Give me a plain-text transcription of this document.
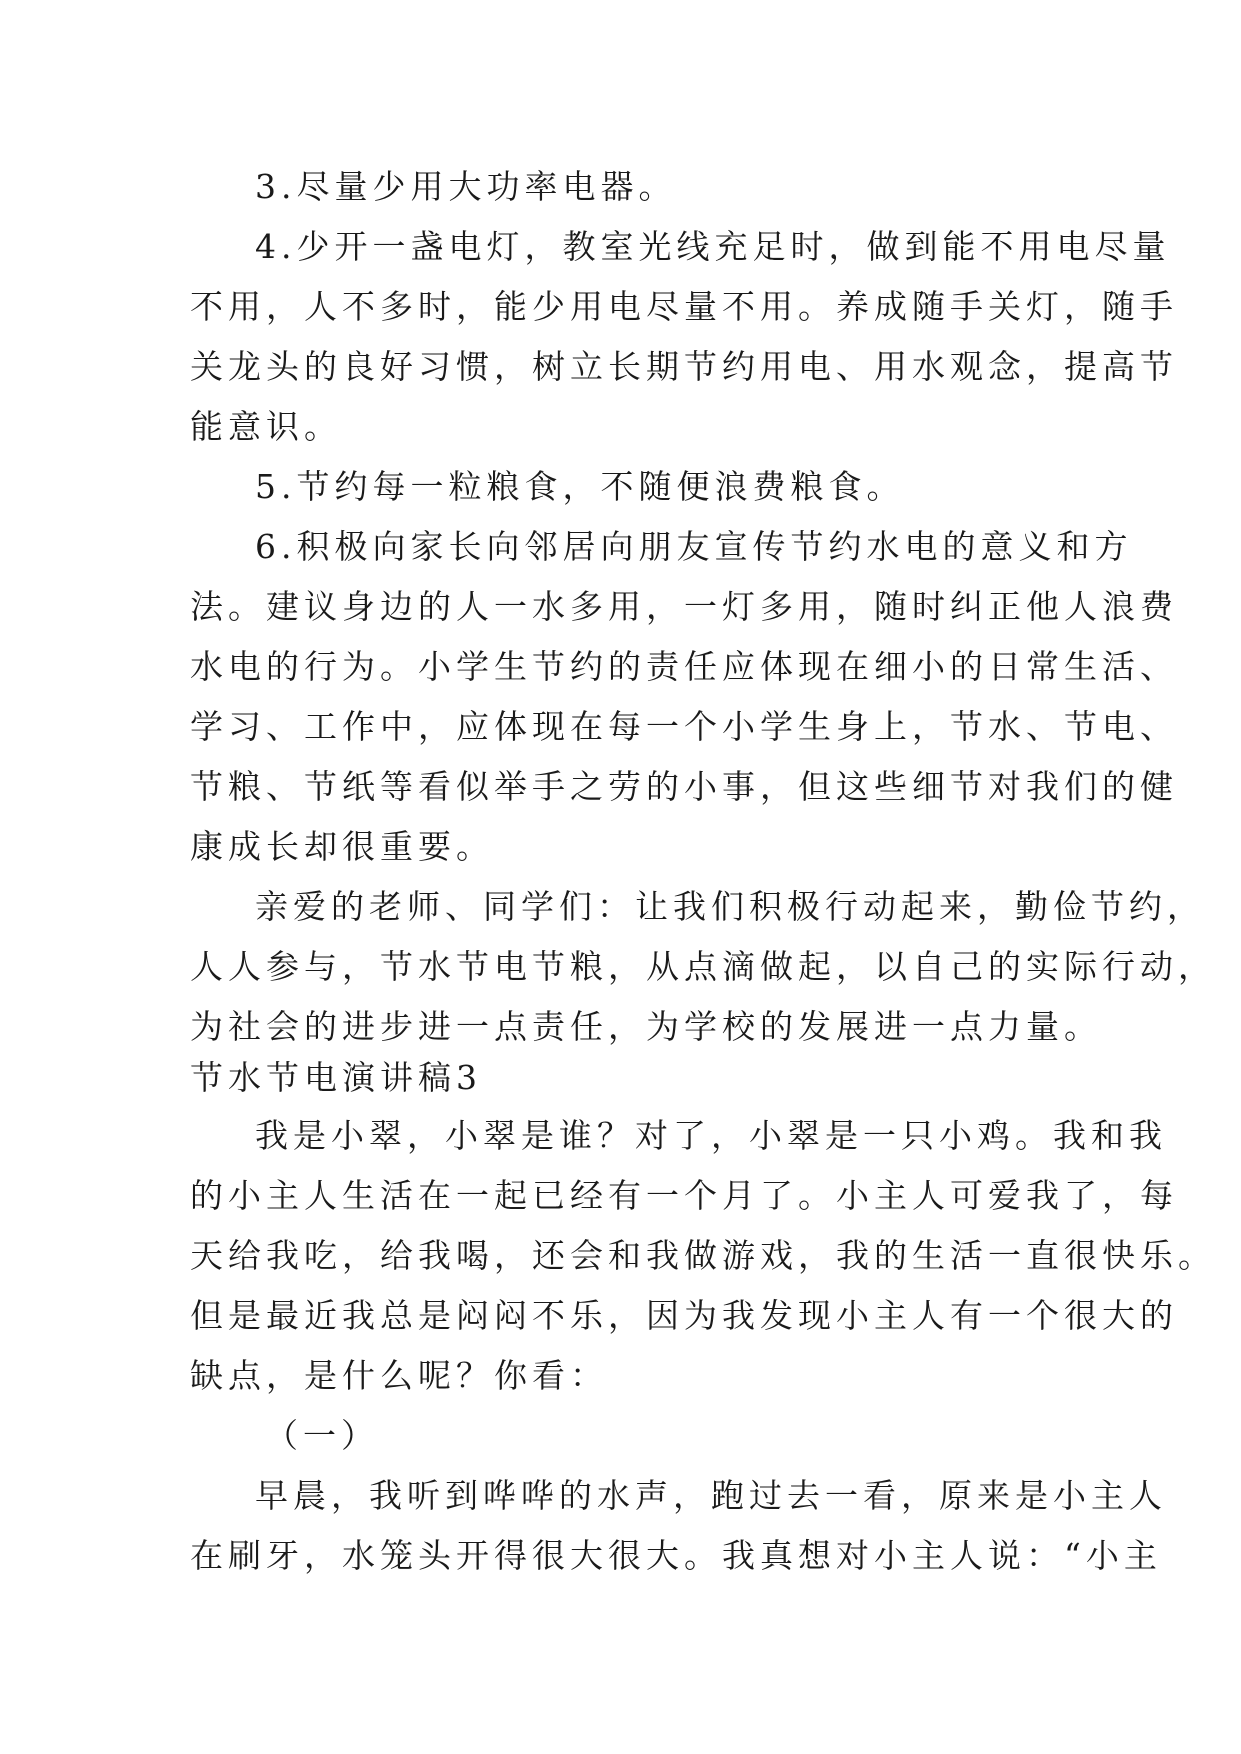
3.尽量少用大功率电器。
4.少开一盏电灯，教室光线充足时，做到能不用电尽量
不用，人不多时，能少用电尽量不用。养成随手关灯，随手
关龙头的良好习惯，树立长期节约用电、用水观念，提高节
能意识。
5.节约每一粒粮食，不随便浪费粮食。
6.积极向家长向邻居向朋友宣传节约水电的意义和方
法。建议身边的人一水多用，一灯多用，随时纠正他人浪费
水电的行为。小学生节约的责任应体现在细小的日常生活、
学习、工作中，应体现在每一个小学生身上，节水、节电、
节粮、节纸等看似举手之劳的小事，但这些细节对我们的健
康成长却很重要。
亲爱的老师、同学们：让我们积极行动起来，勤俭节约，
人人参与，节水节电节粮，从点滴做起，以自己的实际行动，
为社会的进步进一点责任，为学校的发展进一点力量。
节水节电演讲稿3
我是小翠，小翠是谁？对了，小翠是一只小鸡。我和我
的小主人生活在一起已经有一个月了。小主人可爱我了，每
天给我吃，给我喝，还会和我做游戏，我的生活一直很快乐。
但是最近我总是闷闷不乐，因为我发现小主人有一个很大的
缺点，是什么呢？你看：
（一）
早晨，我听到哗哗的水声，跑过去一看，原来是小主人
在刷牙，水笼头开得很大很大。我真想对小主人说：“小主
